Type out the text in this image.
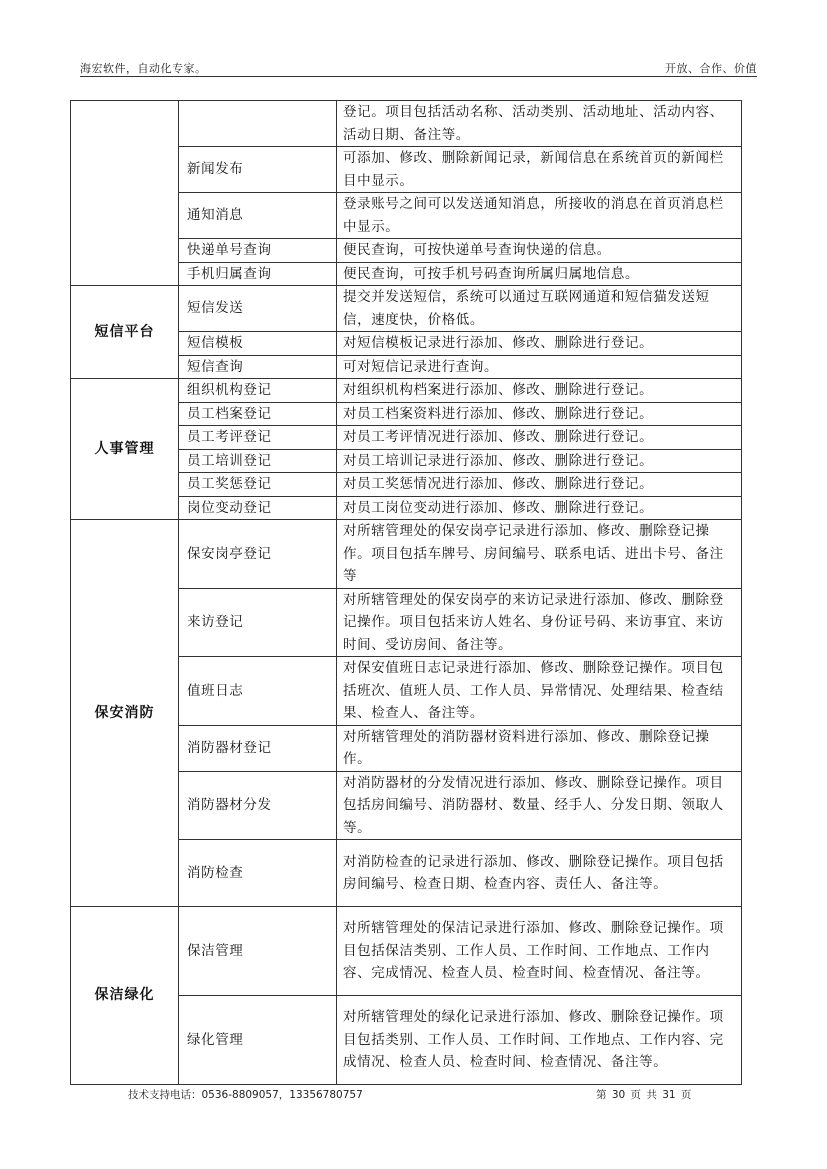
海宏软件，自动化专家。	开放、合作、价值
		登记。项目包括活动名称、活动类别、活动地址、活动内容、活动日期、备注等。
	新闻发布	可添加、修改、删除新闻记录，新闻信息在系统首页的新闻栏目中显示。
	通知消息	登录账号之间可以发送通知消息，所接收的消息在首页消息栏中显示。
	快递单号查询	便民查询，可按快递单号查询快递的信息。
	手机归属查询	便民查询，可按手机号码查询所属归属地信息。
短信平台	短信发送	提交并发送短信，系统可以通过互联网通道和短信猫发送短信，速度快，价格低。
	短信模板	对短信模板记录进行添加、修改、删除进行登记。
	短信查询	可对短信记录进行查询。
人事管理	组织机构登记	对组织机构档案进行添加、修改、删除进行登记。
	员工档案登记	对员工档案资料进行添加、修改、删除进行登记。
	员工考评登记	对员工考评情况进行添加、修改、删除进行登记。
	员工培训登记	对员工培训记录进行添加、修改、删除进行登记。
	员工奖惩登记	对员工奖惩情况进行添加、修改、删除进行登记。
	岗位变动登记	对员工岗位变动进行添加、修改、删除进行登记。
保安消防	保安岗亭登记	对所辖管理处的保安岗亭记录进行添加、修改、删除登记操作。项目包括车牌号、房间编号、联系电话、进出卡号、备注等
	来访登记	对所辖管理处的保安岗亭的来访记录进行添加、修改、删除登记操作。项目包括来访人姓名、身份证号码、来访事宜、来访时间、受访房间、备注等。
	值班日志	对保安值班日志记录进行添加、修改、删除登记操作。项目包括班次、值班人员、工作人员、异常情况、处理结果、检查结果、检查人、备注等。
	消防器材登记	对所辖管理处的消防器材资料进行添加、修改、删除登记操作。
	消防器材分发	对消防器材的分发情况进行添加、修改、删除登记操作。项目包括房间编号、消防器材、数量、经手人、分发日期、领取人等。
	消防检查	对消防检查的记录进行添加、修改、删除登记操作。项目包括房间编号、检查日期、检查内容、责任人、备注等。
保洁绿化	保洁管理	对所辖管理处的保洁记录进行添加、修改、删除登记操作。项目包括保洁类别、工作人员、工作时间、工作地点、工作内容、完成情况、检查人员、检查时间、检查情况、备注等。
	绿化管理	对所辖管理处的绿化记录进行添加、修改、删除登记操作。项目包括类别、工作人员、工作时间、工作地点、工作内容、完成情况、检查人员、检查时间、检查情况、备注等。
技术支持电话：0536-8809057，13356780757	第 30 页 共 31 页
